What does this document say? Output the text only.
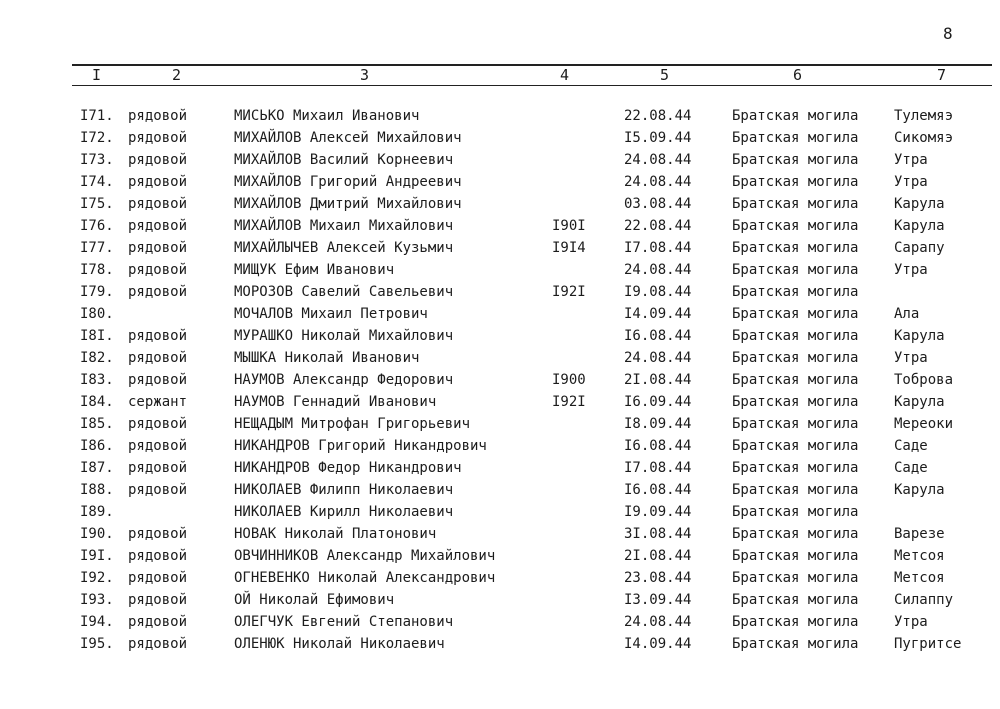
8
I	2	3	4	5	6	7
I71. рядовой	МИСЬКО Михаил Иванович	22.08.44	Братская могила	Тулемяэ
I72. рядовой	МИХАЙЛОВ Алексей Михайлович	I5.09.44	Братская могила	Сикомяэ
I73. рядовой	МИХАЙЛОВ Василий Корнеевич	24.08.44	Братская могила	Утра
I74. рядовой	МИХАЙЛОВ Григорий Андреевич	24.08.44	Братская могила	Утра
I75. рядовой	МИХАЙЛОВ Дмитрий Михайлович	03.08.44	Братская могила	Карула
I76. рядовой	МИХАЙЛОВ Михаил Михайлович	I90I	22.08.44	Братская могила	Карула
I77. рядовой	МИХАЙЛЫЧЕВ Алексей Кузьмич	I9I4	I7.08.44	Братская могила	Сарапу
I78. рядовой	МИЩУК Ефим Иванович	24.08.44	Братская могила	Утра
I79. рядовой	МОРОЗОВ Савелий Савельевич	I92I	I9.08.44	Братская могила
I80.	МОЧАЛОВ Михаил Петрович	I4.09.44	Братская могила	Ала
I8I. рядовой	МУРАШКО Николай Михайлович	I6.08.44	Братская могила	Карула
I82. рядовой	МЫШКА Николай Иванович	24.08.44	Братская могила	Утра
I83. рядовой	НАУМОВ Александр Федорович	I900	2I.08.44	Братская могила	Тоброва
I84. сержант	НАУМОВ Геннадий Иванович	I92I	I6.09.44	Братская могила	Карула
I85. рядовой	НЕЩАДЫМ Митрофан Григорьевич	I8.09.44	Братская могила	Мереоки
I86. рядовой	НИКАНДРОВ Григорий Никандрович	I6.08.44	Братская могила	Саде
I87. рядовой	НИКАНДРОВ Федор Никандрович	I7.08.44	Братская могила	Саде
I88. рядовой	НИКОЛАЕВ Филипп Николаевич	I6.08.44	Братская могила	Карула
I89.	НИКОЛАЕВ Кирилл Николаевич	I9.09.44	Братская могила
I90. рядовой	НОВАК Николай Платонович	3I.08.44	Братская могила	Варезе
I9I. рядовой	ОВЧИННИКОВ Александр Михайлович	2I.08.44	Братская могила	Метсоя
I92. рядовой	ОГНЕВЕНКО Николай Александрович	23.08.44	Братская могила	Метсоя
I93. рядовой	ОЙ Николай Ефимович	I3.09.44	Братская могила	Силаппу
I94. рядовой	ОЛЕГЧУК Евгений Степанович	24.08.44	Братская могила	Утра
I95. рядовой	ОЛЕНЮК Николай Николаевич	I4.09.44	Братская могила	Пугритсе
